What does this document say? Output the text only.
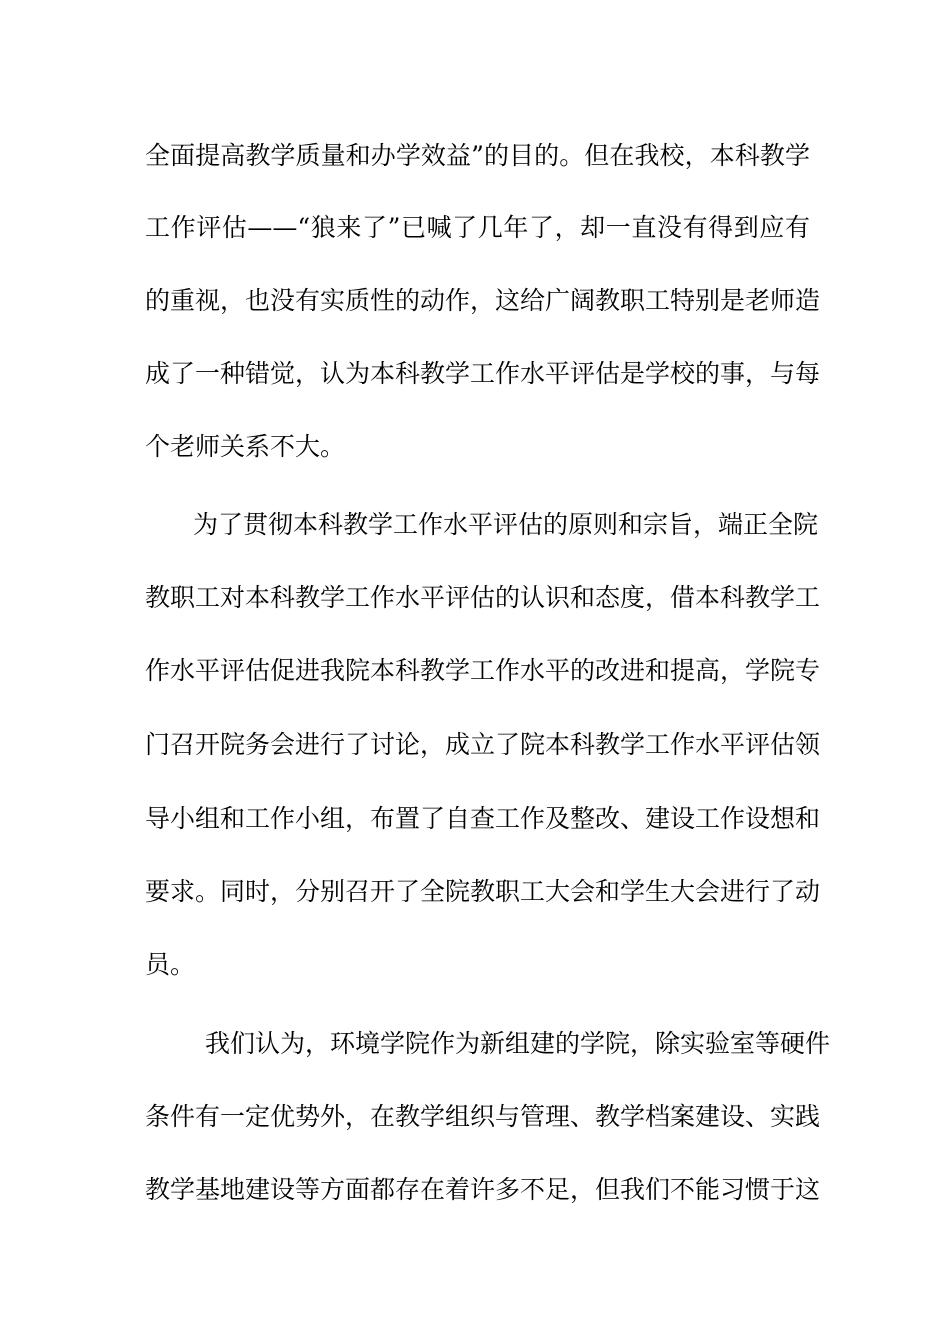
全面提高教学质量和办学效益”的目的。但在我校，本科教学
工作评估——“狼来了”已喊了几年了，却一直没有得到应有
的重视，也没有实质性的动作，这给广阔教职工特别是老师造
成了一种错觉，认为本科教学工作水平评估是学校的事，与每
个老师关系不大。
为了贯彻本科教学工作水平评估的原则和宗旨，端正全院
教职工对本科教学工作水平评估的认识和态度，借本科教学工
作水平评估促进我院本科教学工作水平的改进和提高，学院专
门召开院务会进行了讨论，成立了院本科教学工作水平评估领
导小组和工作小组，布置了自查工作及整改、建设工作设想和
要求。同时，分别召开了全院教职工大会和学生大会进行了动
员。
我们认为，环境学院作为新组建的学院，除实验室等硬件
条件有一定优势外，在教学组织与管理、教学档案建设、实践
教学基地建设等方面都存在着许多不足，但我们不能习惯于这
